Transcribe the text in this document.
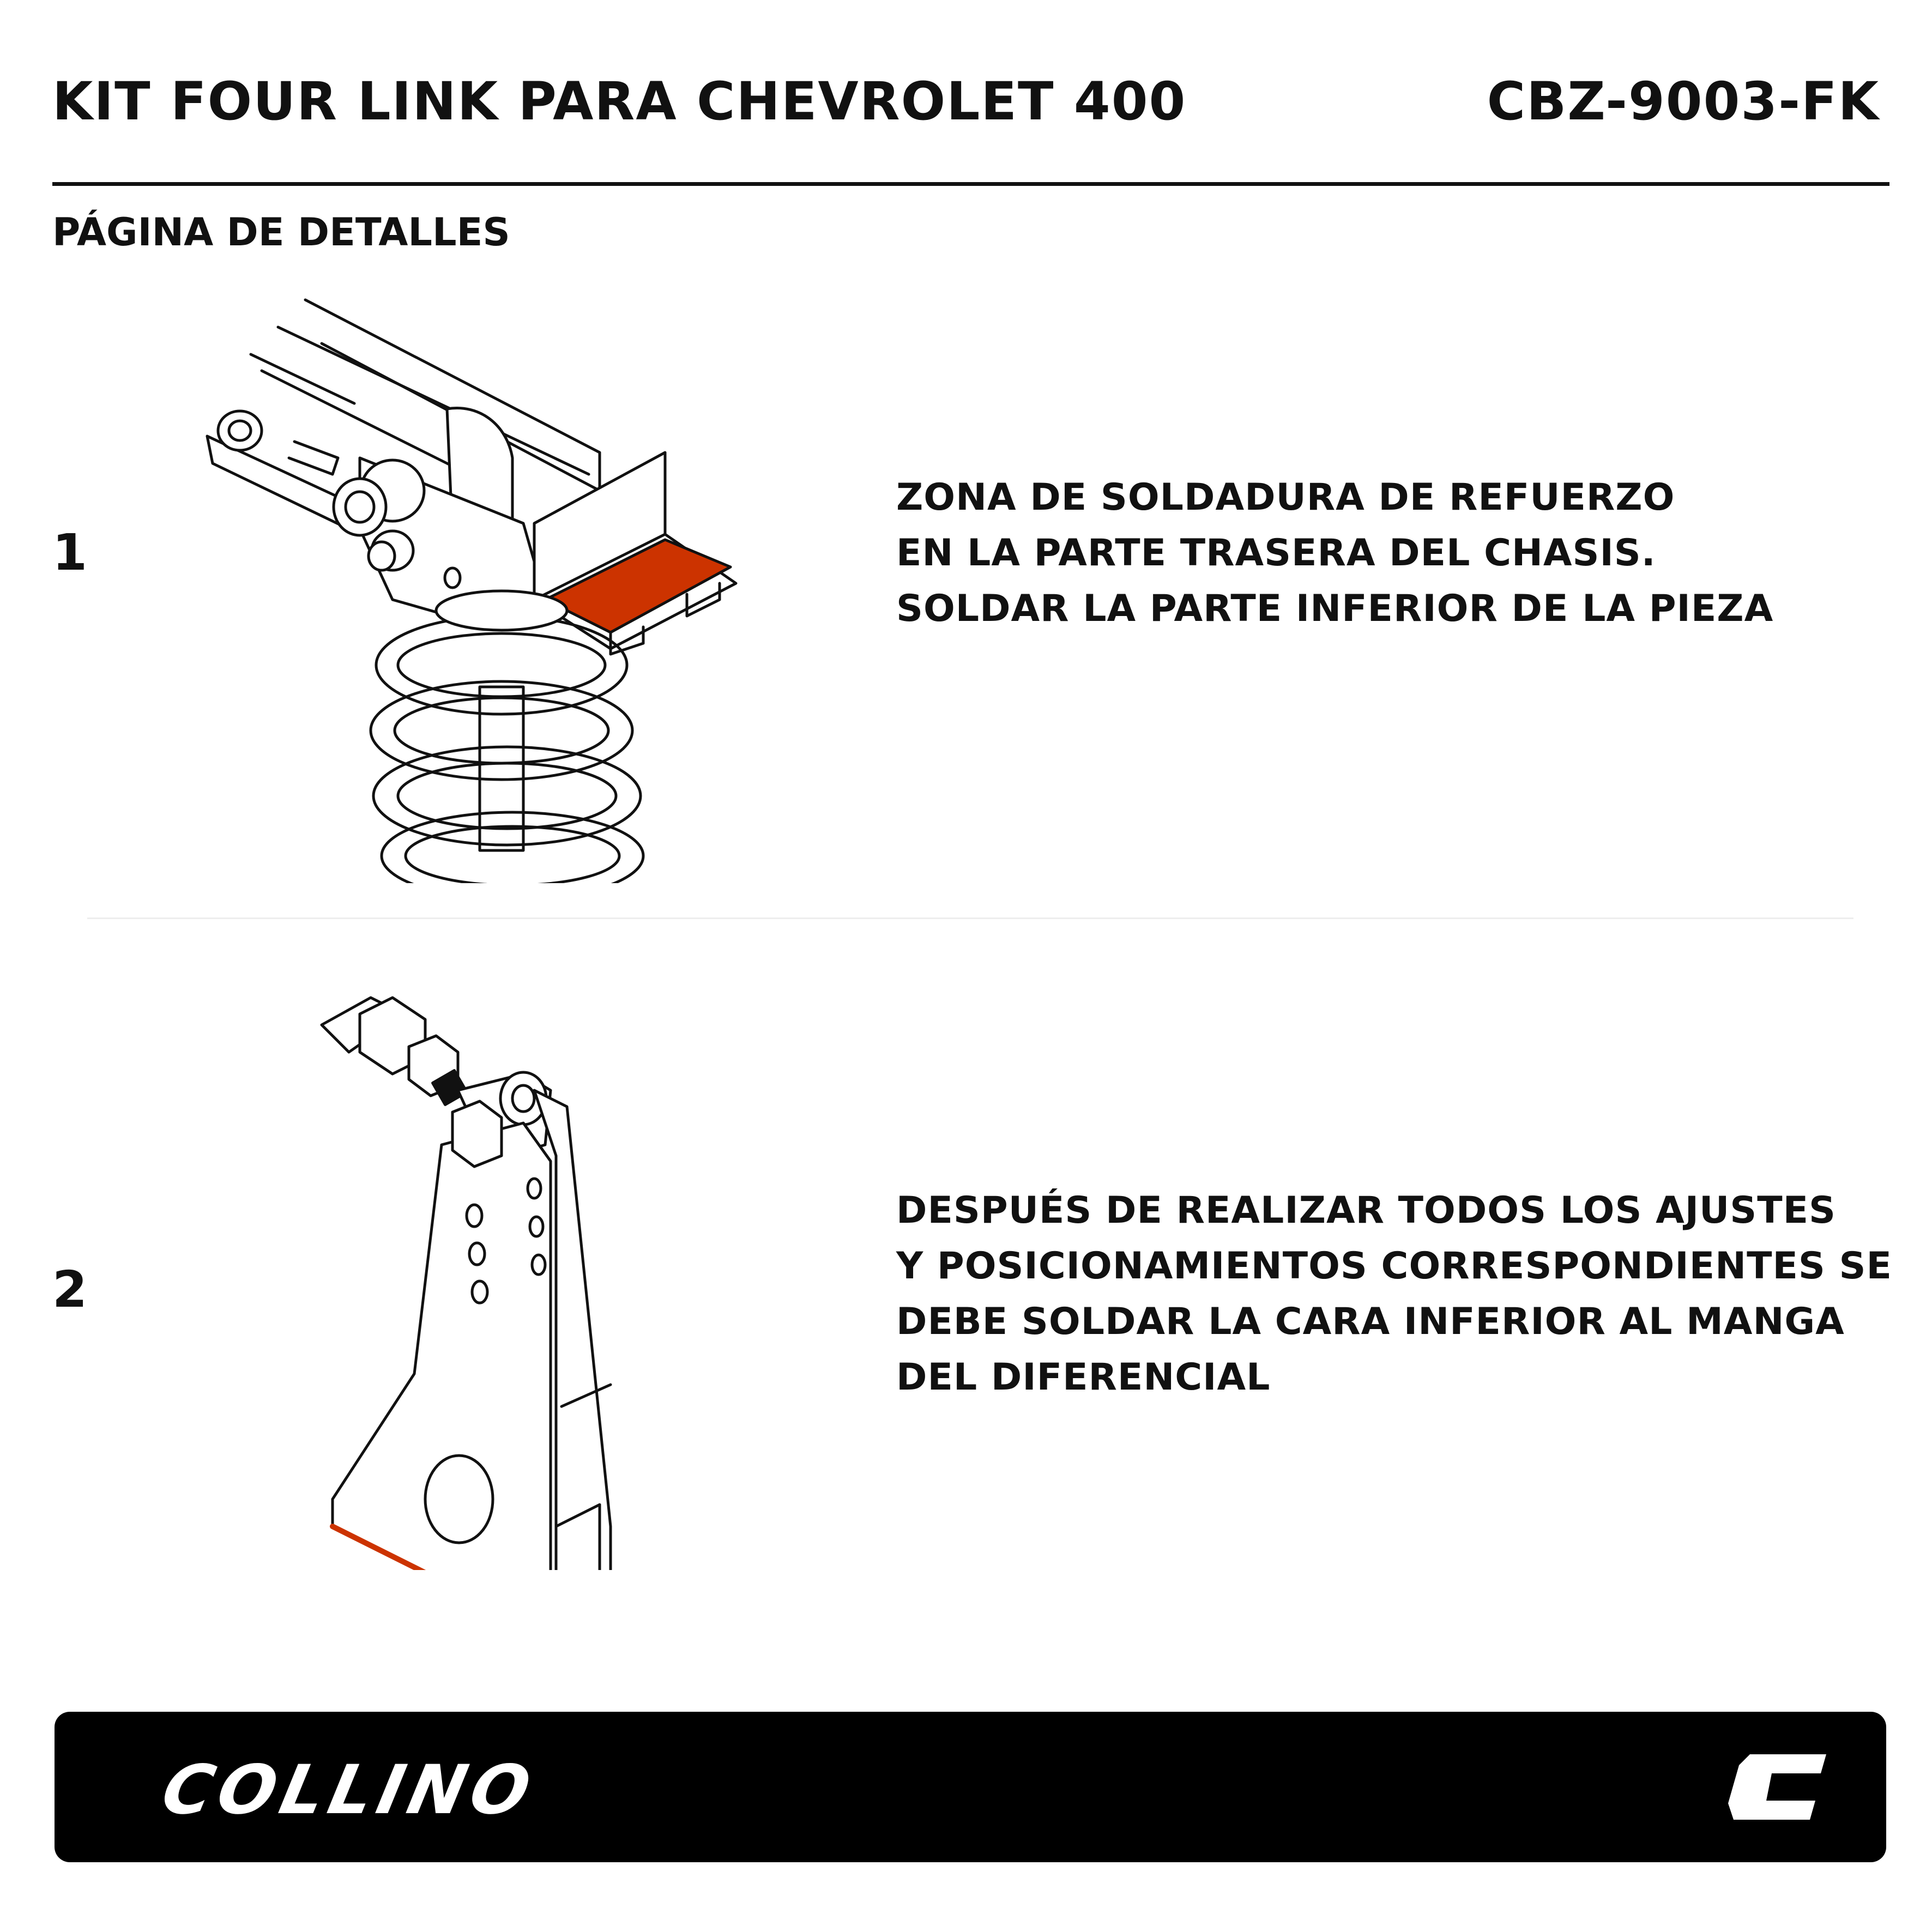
KIT FOUR LINK PARA CHEVROLET 400	CBZ-9003-FK
PÁGINA DE DETALLES
1
ZONA DE SOLDADURA DE REFUERZO
EN LA PARTE TRASERA DEL CHASIS.
SOLDAR LA PARTE INFERIOR DE LA PIEZA
2
DESPUÉS DE REALIZAR TODOS LOS AJUSTES
Y POSICIONAMIENTOS CORRESPONDIENTES SE
DEBE SOLDAR LA CARA INFERIOR AL MANGA
DEL DIFERENCIAL
COLLINO
